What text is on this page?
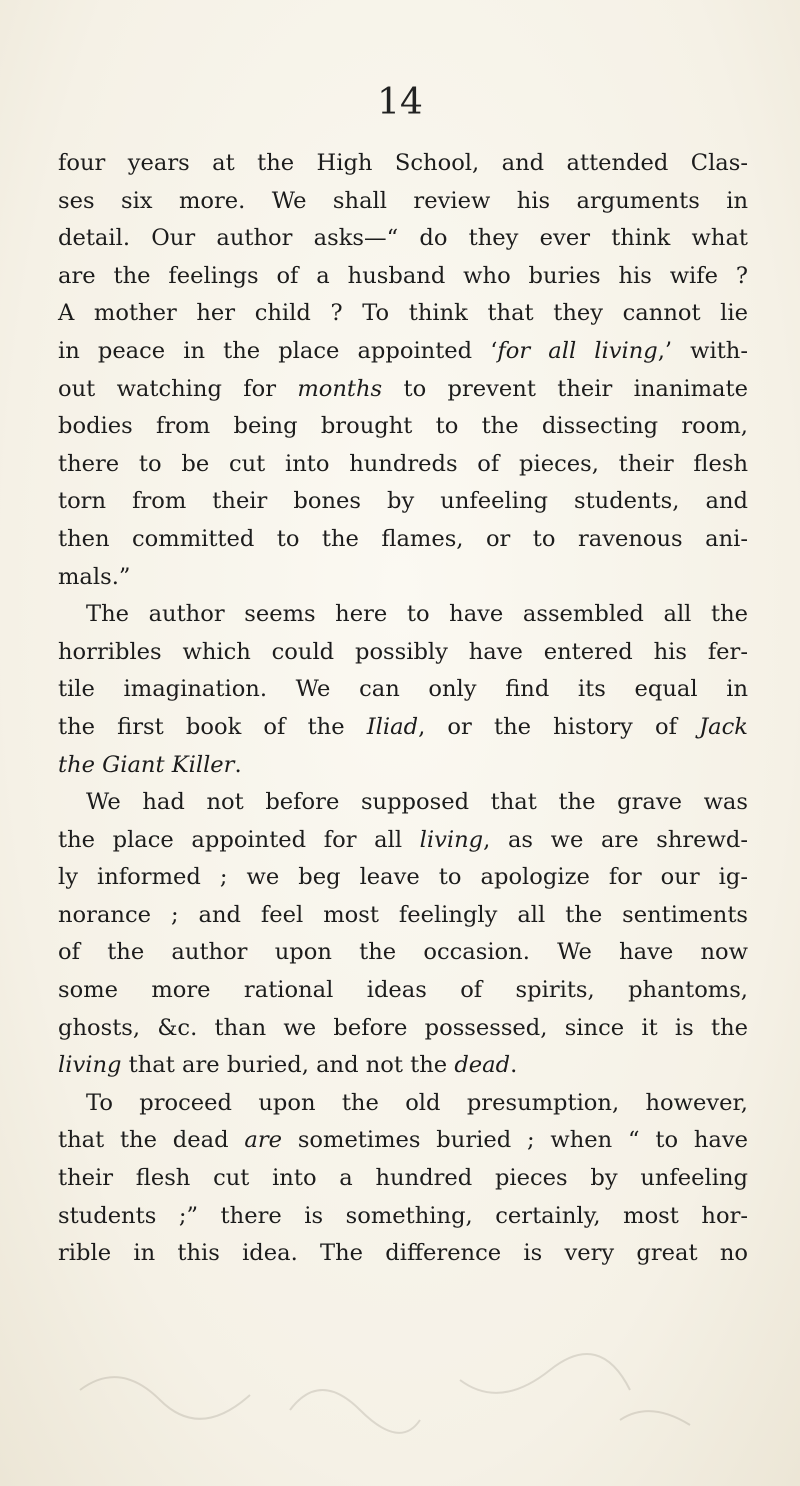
14
four years at the High School, and attended Clas-
ses six more. We shall review his arguments in
detail. Our author asks—“ do they ever think what
are the feelings of a husband who buries his wife ?
A mother her child ? To think that they cannot lie
in peace in the place appointed ‘for all living,’ with-
out watching for months to prevent their inanimate
bodies from being brought to the dissecting room,
there to be cut into hundreds of pieces, their flesh
torn from their bones by unfeeling students, and
then committed to the flames, or to ravenous ani-
mals.”
The author seems here to have assembled all the
horribles which could possibly have entered his fer-
tile imagination. We can only find its equal in
the first book of the Iliad, or the history of Jack
the Giant Killer.
We had not before supposed that the grave was
the place appointed for all living, as we are shrewd-
ly informed ; we beg leave to apologize for our ig-
norance ; and feel most feelingly all the sentiments
of the author upon the occasion. We have now
some more rational ideas of spirits, phantoms,
ghosts, &c. than we before possessed, since it is the
living that are buried, and not the dead.
To proceed upon the old presumption, however,
that the dead are sometimes buried ; when “ to have
their flesh cut into a hundred pieces by unfeeling
students ;” there is something, certainly, most hor-
rible in this idea. The difference is very great no
